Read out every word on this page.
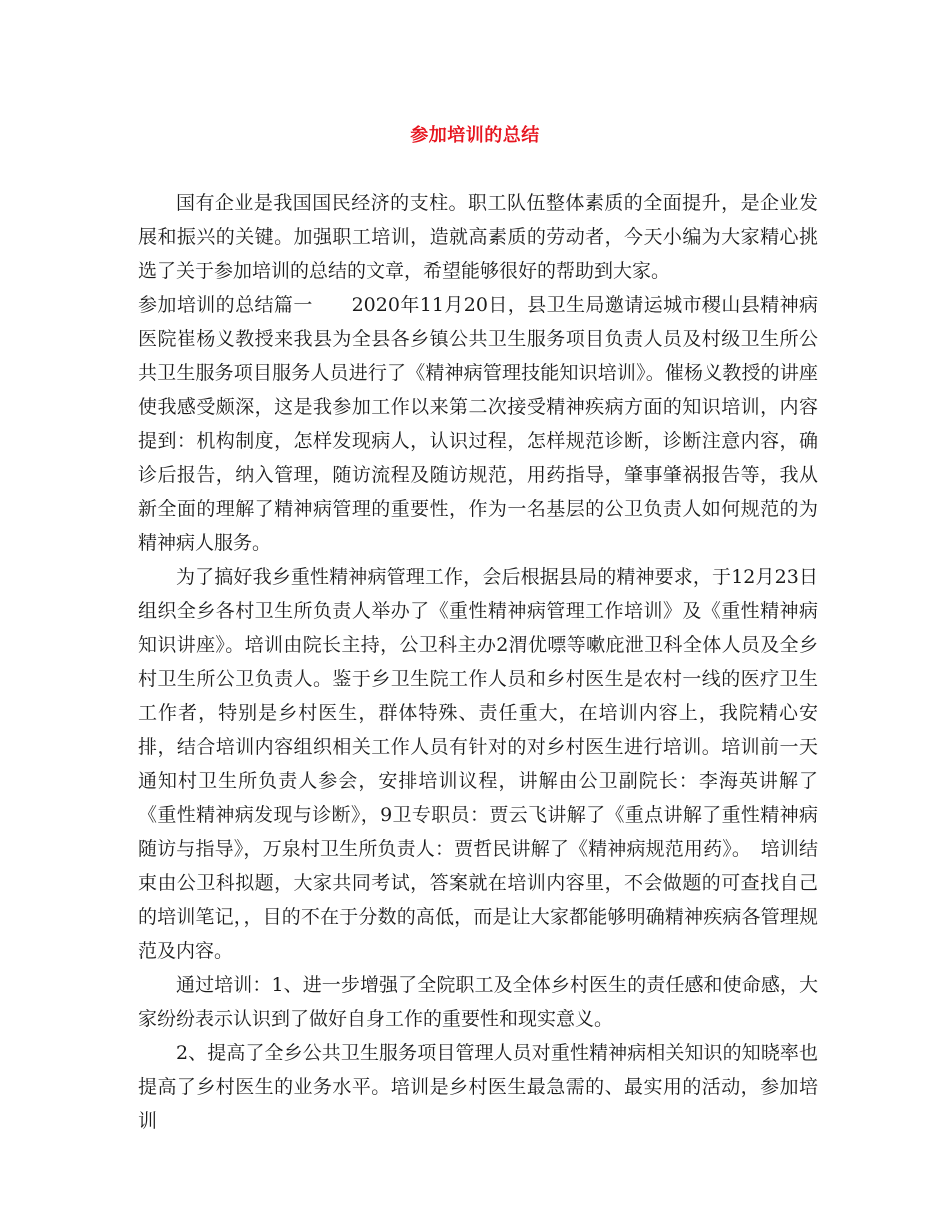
参加培训的总结

国有企业是我国国民经济的支柱。职工队伍整体素质的全面提升，是企业发展和振兴的关键。加强职工培训，造就高素质的劳动者，今天小编为大家精心挑选了关于参加培训的总结的文章，希望能够很好的帮助到大家。

参加培训的总结篇一　　2020年11月20日，县卫生局邀请运城市稷山县精神病医院崔杨义教授来我县为全县各乡镇公共卫生服务项目负责人员及村级卫生所公共卫生服务项目服务人员进行了《精神病管理技能知识培训》。催杨义教授的讲座使我感受颇深，这是我参加工作以来第二次接受精神疾病方面的知识培训，内容提到：机构制度，怎样发现病人，认识过程，怎样规范诊断，诊断注意内容，确诊后报告，纳入管理，随访流程及随访规范，用药指导，肇事肇祸报告等，我从新全面的理解了精神病管理的重要性，作为一名基层的公卫负责人如何规范的为精神病人服务。

为了搞好我乡重性精神病管理工作，会后根据县局的精神要求，于12月23日组织全乡各村卫生所负责人举办了《重性精神病管理工作培训》及《重性精神病知识讲座》。培训由院长主持，公卫科主办2渭优嘌等嗽庇泄卫科全体人员及全乡村卫生所公卫负责人。鉴于乡卫生院工作人员和乡村医生是农村一线的医疗卫生工作者，特别是乡村医生，群体特殊、责任重大，在培训内容上，我院精心安排，结合培训内容组织相关工作人员有针对的对乡村医生进行培训。培训前一天通知村卫生所负责人参会，安排培训议程，讲解由公卫副院长：李海英讲解了《重性精神病发现与诊断》，9卫专职员：贾云飞讲解了《重点讲解了重性精神病随访与指导》，万泉村卫生所负责人：贾哲民讲解了《精神病规范用药》。　培训结束由公卫科拟题，大家共同考试，答案就在培训内容里，不会做题的可查找自己的培训笔记，，目的不在于分数的高低，而是让大家都能够明确精神疾病各管理规范及内容。

通过培训：1、进一步增强了全院职工及全体乡村医生的责任感和使命感，大家纷纷表示认识到了做好自身工作的重要性和现实意义。

2、提高了全乡公共卫生服务项目管理人员对重性精神病相关知识的知晓率也提高了乡村医生的业务水平。培训是乡村医生最急需的、最实用的活动，参加培训
